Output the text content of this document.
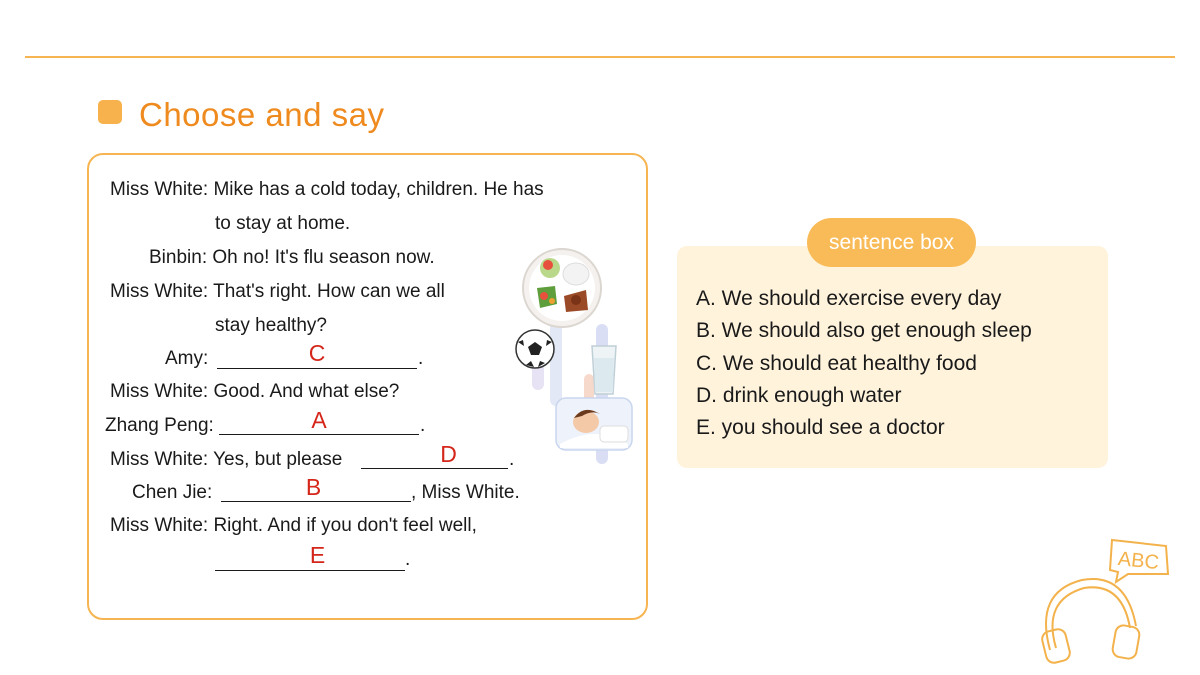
Choose and say
Miss White: Mike has a cold today, children. He has
to stay at home.
Binbin: Oh no! It's flu season now.
Miss White: That's right. How can we all
stay healthy?
Amy:	C	.
Miss White: Good. And what else?
Zhang Peng:	A	.
Miss White: Yes, but please	D	.
Chen Jie:	B	, Miss White.
Miss White: Right. And if you don't feel well,
E	.
sentence box
A. We should exercise every day
B. We should also get enough sleep
C. We should eat healthy food
D. drink enough water
E. you should see a doctor
ABC
